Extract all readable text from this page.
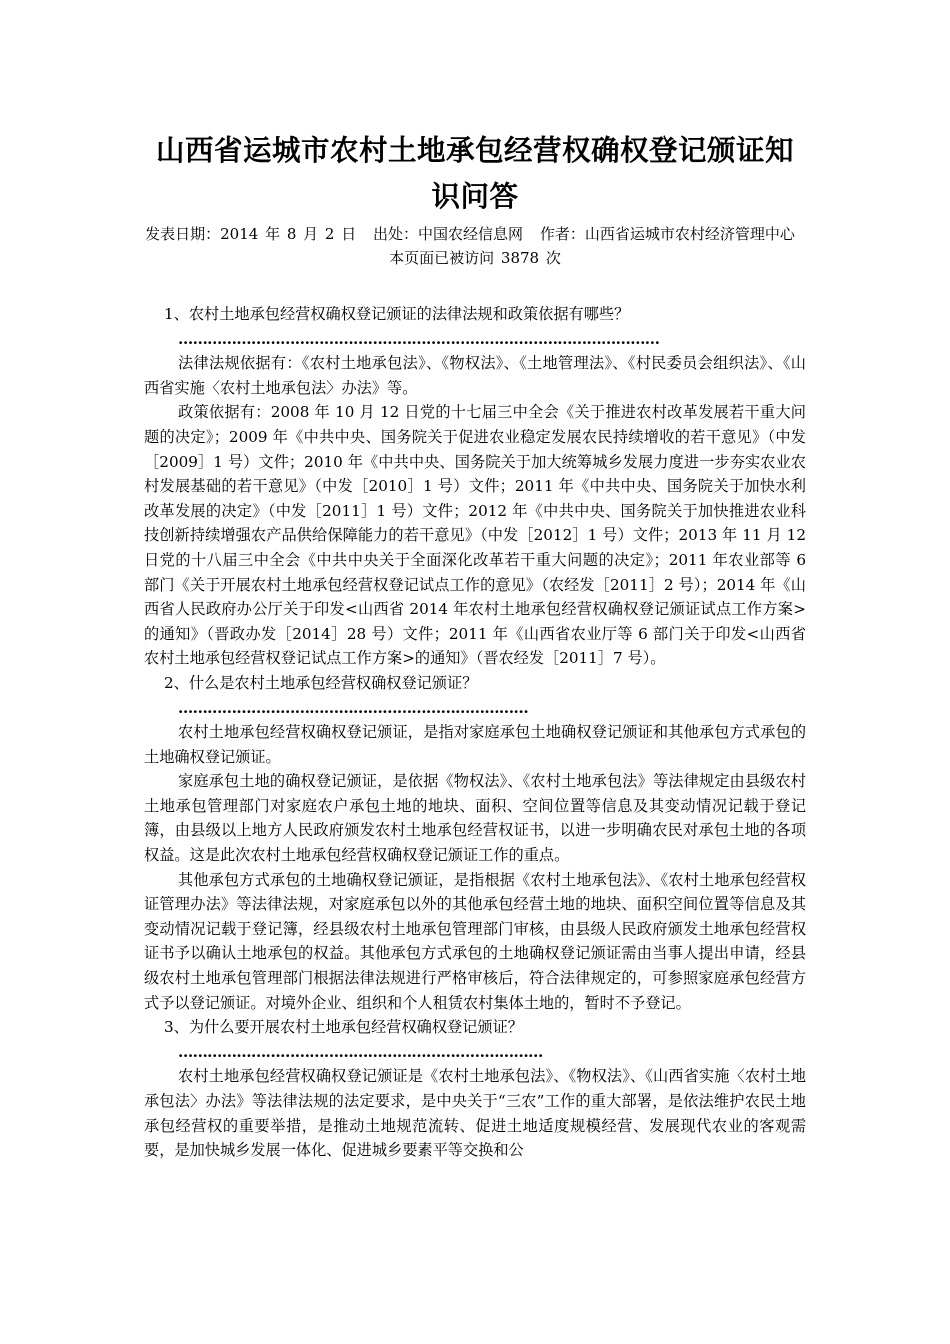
山西省运城市农村土地承包经营权确权登记颁证知识问答

发表日期：2014 年 8 月 2 日 出处：中国农经信息网 作者：山西省运城市农村经济管理中心 本页面已被访问 3878 次

1、农村土地承包经营权确权登记颁证的法律法规和政策依据有哪些？

………………………………………………………………………………………

法律法规依据有：《农村土地承包法》、《物权法》、《土地管理法》、《村民委员会组织法》、《山西省实施〈农村土地承包法〉办法》等。

政策依据有：2008 年 10 月 12 日党的十七届三中全会《关于推进农村改革发展若干重大问题的决定》；2009 年《中共中央、国务院关于促进农业稳定发展农民持续增收的若干意见》（中发［2009］1 号）文件；2010 年《中共中央、国务院关于加大统筹城乡发展力度进一步夯实农业农村发展基础的若干意见》（中发［2010］1 号）文件；2011 年《中共中央、国务院关于加快水利改革发展的决定》（中发［2011］1 号）文件；2012 年《中共中央、国务院关于加快推进农业科技创新持续增强农产品供给保障能力的若干意见》（中发［2012］1 号）文件；2013 年 11 月 12 日党的十八届三中全会《中共中央关于全面深化改革若干重大问题的决定》；2011 年农业部等 6 部门《关于开展农村土地承包经营权登记试点工作的意见》（农经发［2011］2 号）；2014 年《山西省人民政府办公厅关于印发<山西省 2014 年农村土地承包经营权确权登记颁证试点工作方案>的通知》（晋政办发［2014］28 号）文件；2011 年《山西省农业厅等 6 部门关于印发<山西省农村土地承包经营权登记试点工作方案>的通知》（晋农经发［2011］7 号）。

2、什么是农村土地承包经营权确权登记颁证？

………………………………………………………………

农村土地承包经营权确权登记颁证，是指对家庭承包土地确权登记颁证和其他承包方式承包的土地确权登记颁证。

家庭承包土地的确权登记颁证，是依据《物权法》、《农村土地承包法》等法律规定由县级农村土地承包管理部门对家庭农户承包土地的地块、面积、空间位置等信息及其变动情况记载于登记簿，由县级以上地方人民政府颁发农村土地承包经营权证书，以进一步明确农民对承包土地的各项权益。这是此次农村土地承包经营权确权登记颁证工作的重点。

其他承包方式承包的土地确权登记颁证，是指根据《农村土地承包法》、《农村土地承包经营权证管理办法》等法律法规，对家庭承包以外的其他承包经营土地的地块、面积空间位置等信息及其变动情况记载于登记簿，经县级农村土地承包管理部门审核，由县级人民政府颁发土地承包经营权证书予以确认土地承包的权益。其他承包方式承包的土地确权登记颁证需由当事人提出申请，经县级农村土地承包管理部门根据法律法规进行严格审核后，符合法律规定的，可参照家庭承包经营方式予以登记颁证。对境外企业、组织和个人租赁农村集体土地的，暂时不予登记。

3、为什么要开展农村土地承包经营权确权登记颁证？

…………………………………………………………………

农村土地承包经营权确权登记颁证是《农村土地承包法》、《物权法》、《山西省实施〈农村土地承包法〉办法》等法律法规的法定要求，是中央关于“三农”工作的重大部署，是依法维护农民土地承包经营权的重要举措，是推动土地规范流转、促进土地适度规模经营、发展现代农业的客观需要，是加快城乡发展一体化、促进城乡要素平等交换和公
